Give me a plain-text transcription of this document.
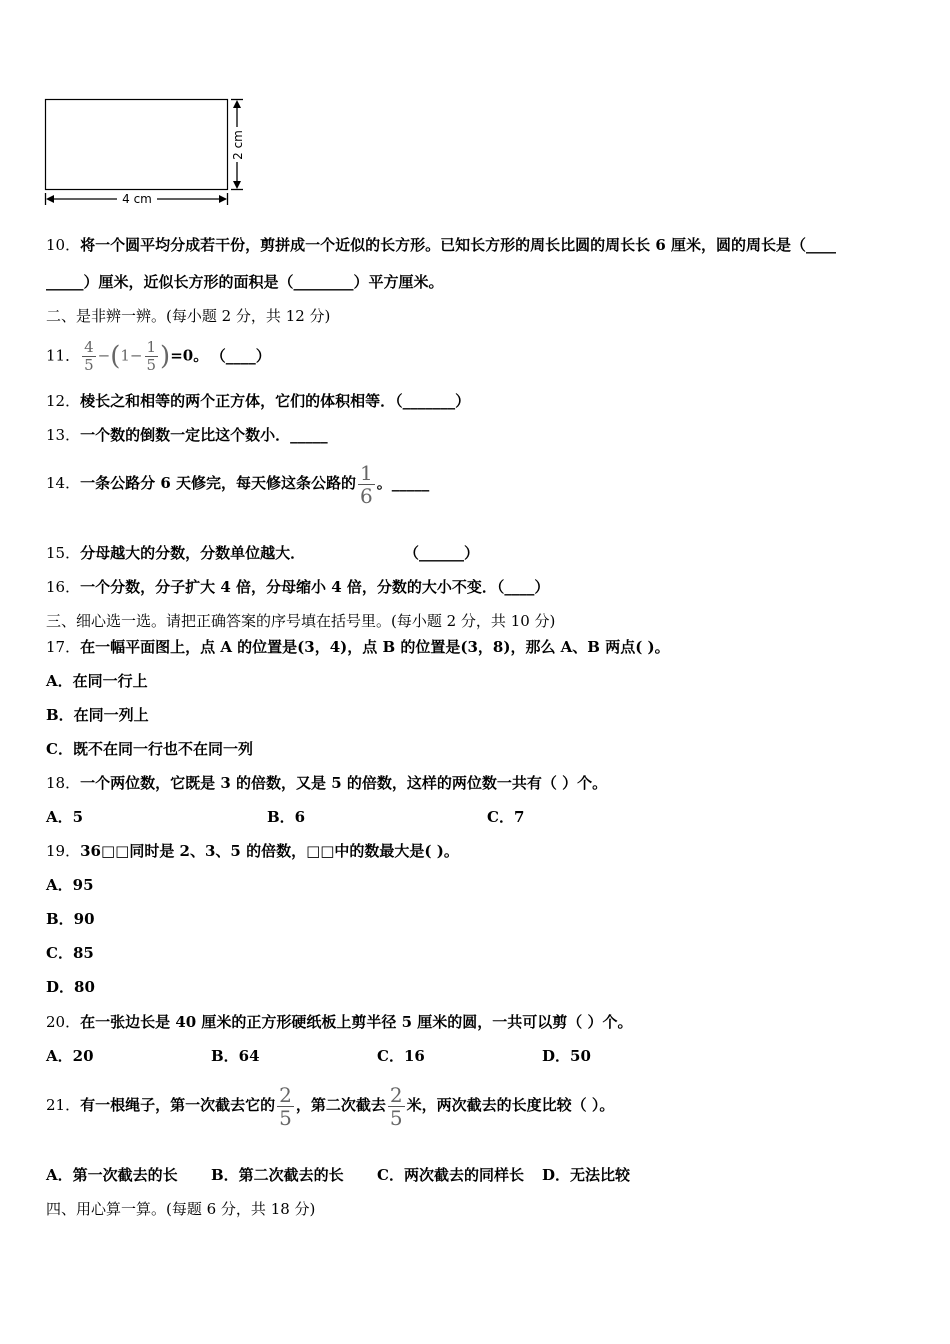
2 cm
4 cm
10．将一个圆平均分成若干份，剪拼成一个近似的长方形。已知长方形的周长比圆的周长长 6 厘米，圆的周长是（____
_____）厘米，近似长方形的面积是（________）平方厘米。
二、是非辨一辨。(每小题 2 分，共 12 分)
11． $\frac{4}{5} -(1- \frac{1}{5} )=0$。 （____）
12．棱长之和相等的两个正方体，它们的体积相等．（_______）
13．一个数的倒数一定比这个数小．_____
14．一条公路分 6 天修完，每天修这条公路的 $\frac{1}{6}$ 。_____
15．分母越大的分数，分数单位越大．	（______）
16．一个分数，分子扩大 4 倍，分母缩小 4 倍，分数的大小不变．（____）
三、细心选一选。请把正确答案的序号填在括号里。(每小题 2 分，共 10 分)
17．在一幅平面图上，点 A 的位置是(3，4)，点 B 的位置是(3，8)，那么 A、B 两点( )。
A．在同一行上
B．在同一列上
C．既不在同一行也不在同一列
18．一个两位数，它既是 3 的倍数，又是 5 的倍数，这样的两位数一共有（ ）个。
A．5	B．6	C．7
19．36□□同时是 2、3、5 的倍数，□□中的数最大是( )。
A．95
B．90
C．85
D．80
20．在一张边长是 40 厘米的正方形硬纸板上剪半径 5 厘米的圆，一共可以剪（ ）个。
A．20	B．64	C．16	D．50
21．有一根绳子，第一次截去它的 $\frac{2}{5}$ ，第二次截去 $\frac{2}{5}$ 米，两次截去的长度比较（ ）。
A．第一次截去的长 B．第二次截去的长 C．两次截去的同样长 D．无法比较
四、用心算一算。(每题 6 分，共 18 分)
